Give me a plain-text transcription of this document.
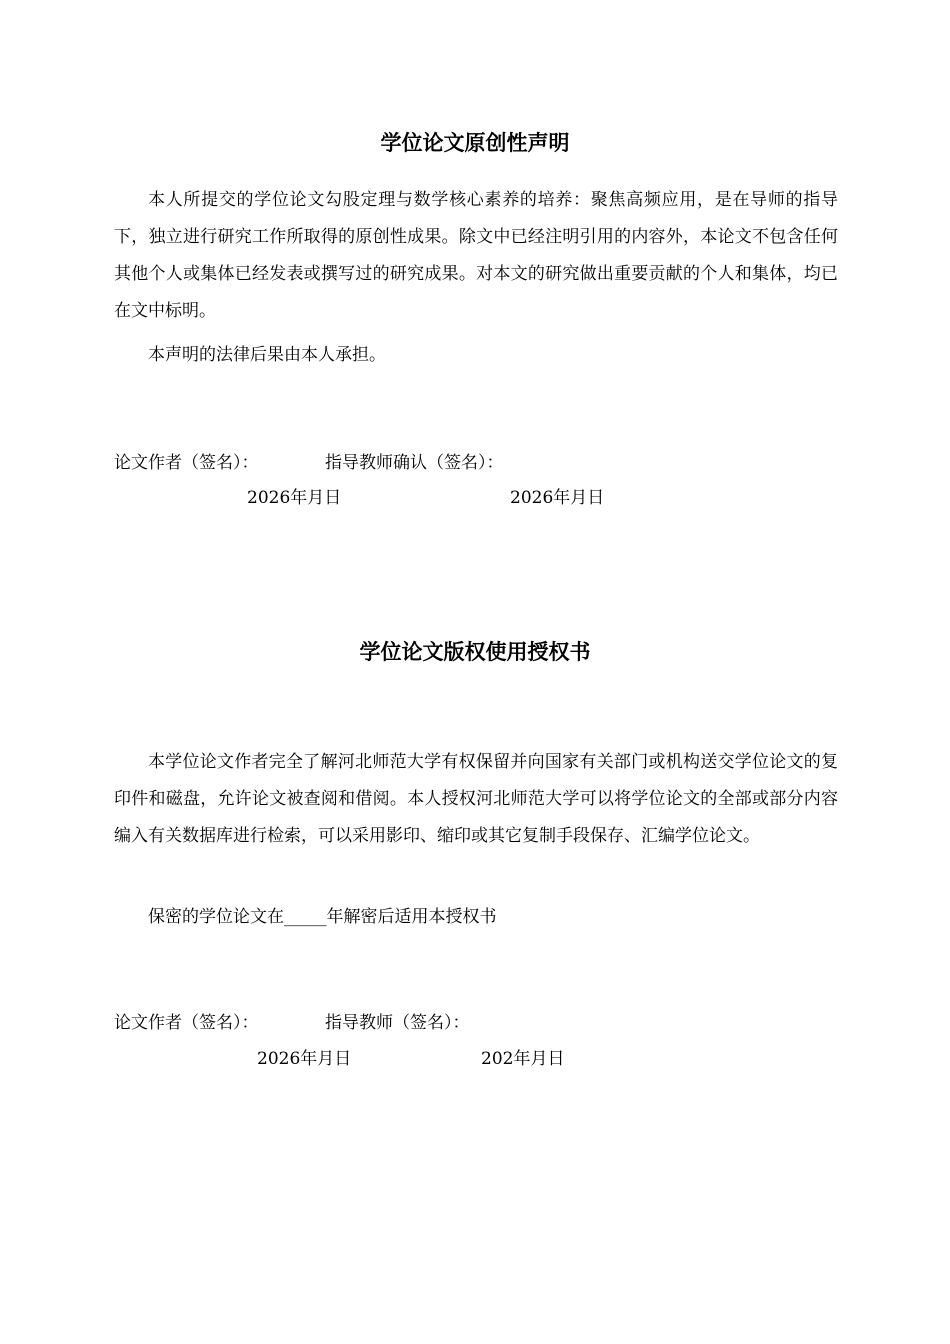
学位论文原创性声明
本人所提交的学位论文勾股定理与数学核心素养的培养：聚焦高频应用，是在导师的指导下，独立进行研究工作所取得的原创性成果。除文中已经注明引用的内容外，本论文不包含任何其他个人或集体已经发表或撰写过的研究成果。对本文的研究做出重要贡献的个人和集体，均已在文中标明。
本声明的法律后果由本人承担。
论文作者（签名）：	指导教师确认（签名）：
2026年月日	2026年月日
学位论文版权使用授权书
本学位论文作者完全了解河北师范大学有权保留并向国家有关部门或机构送交学位论文的复印件和磁盘，允许论文被查阅和借阅。本人授权河北师范大学可以将学位论文的全部或部分内容编入有关数据库进行检索，可以采用影印、缩印或其它复制手段保存、汇编学位论文。
保密的学位论文在_____年解密后适用本授权书
论文作者（签名）：	指导教师（签名）：
2026年月日	202年月日
